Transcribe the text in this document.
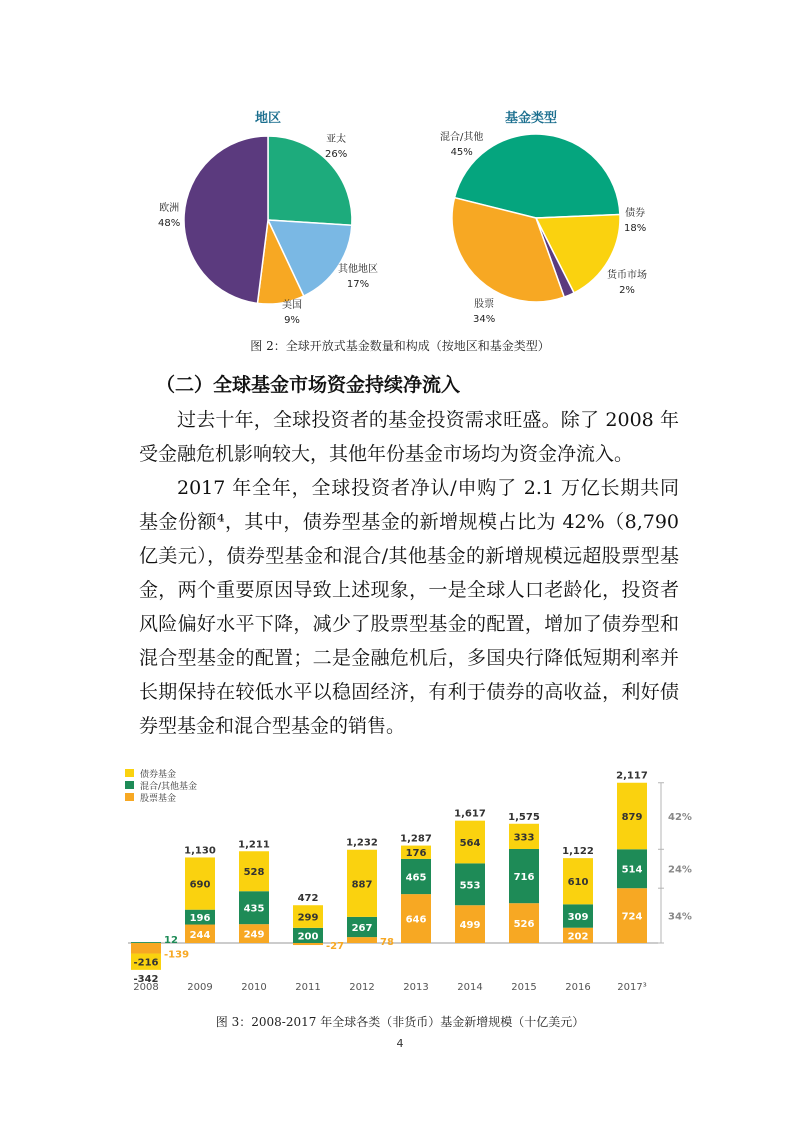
地区	基金类型
亚太
26%
其他地区
17%
美国
9%
欧洲
48%
混合/其他
45%
债券
18%
货币市场
2%
股票
34%
图 2：全球开放式基金数量和构成（按地区和基金类型）
（二）全球基金市场资金持续净流入

过去十年，全球投资者的基金投资需求旺盛。除了 2008 年受金融危机影响较大，其他年份基金市场均为资金净流入。

2017 年全年，全球投资者净认/申购了 2.1 万亿长期共同基金份额⁴，其中，债券型基金的新增规模占比为 42%（8,790 亿美元），债券型基金和混合/其他基金的新增规模远超股票型基金，两个重要原因导致上述现象，一是全球人口老龄化，投资者风险偏好水平下降，减少了股票型基金的配置，增加了债券型和混合型基金的配置；二是金融危机后，多国央行降低短期利率并长期保持在较低水平以稳固经济，有利于债券的高收益，利好债券型基金和混合型基金的销售。

债券基金
混合/其他基金
股票基金
-139
12
-216
-342
2008
244
196
690
1,130
2009
249
435
528
1,211
2010
-27
200
299
472
2011
78
267
887
1,232
2012
646
465
176
1,287
2013
499
553
564
1,617
2014
526
716
333
1,575
2015
202
309
610
1,122
2016
724
514
879
2,117
2017³
42%
24%
34%
图 3：2008-2017 年全球各类（非货币）基金新增规模（十亿美元）
4
